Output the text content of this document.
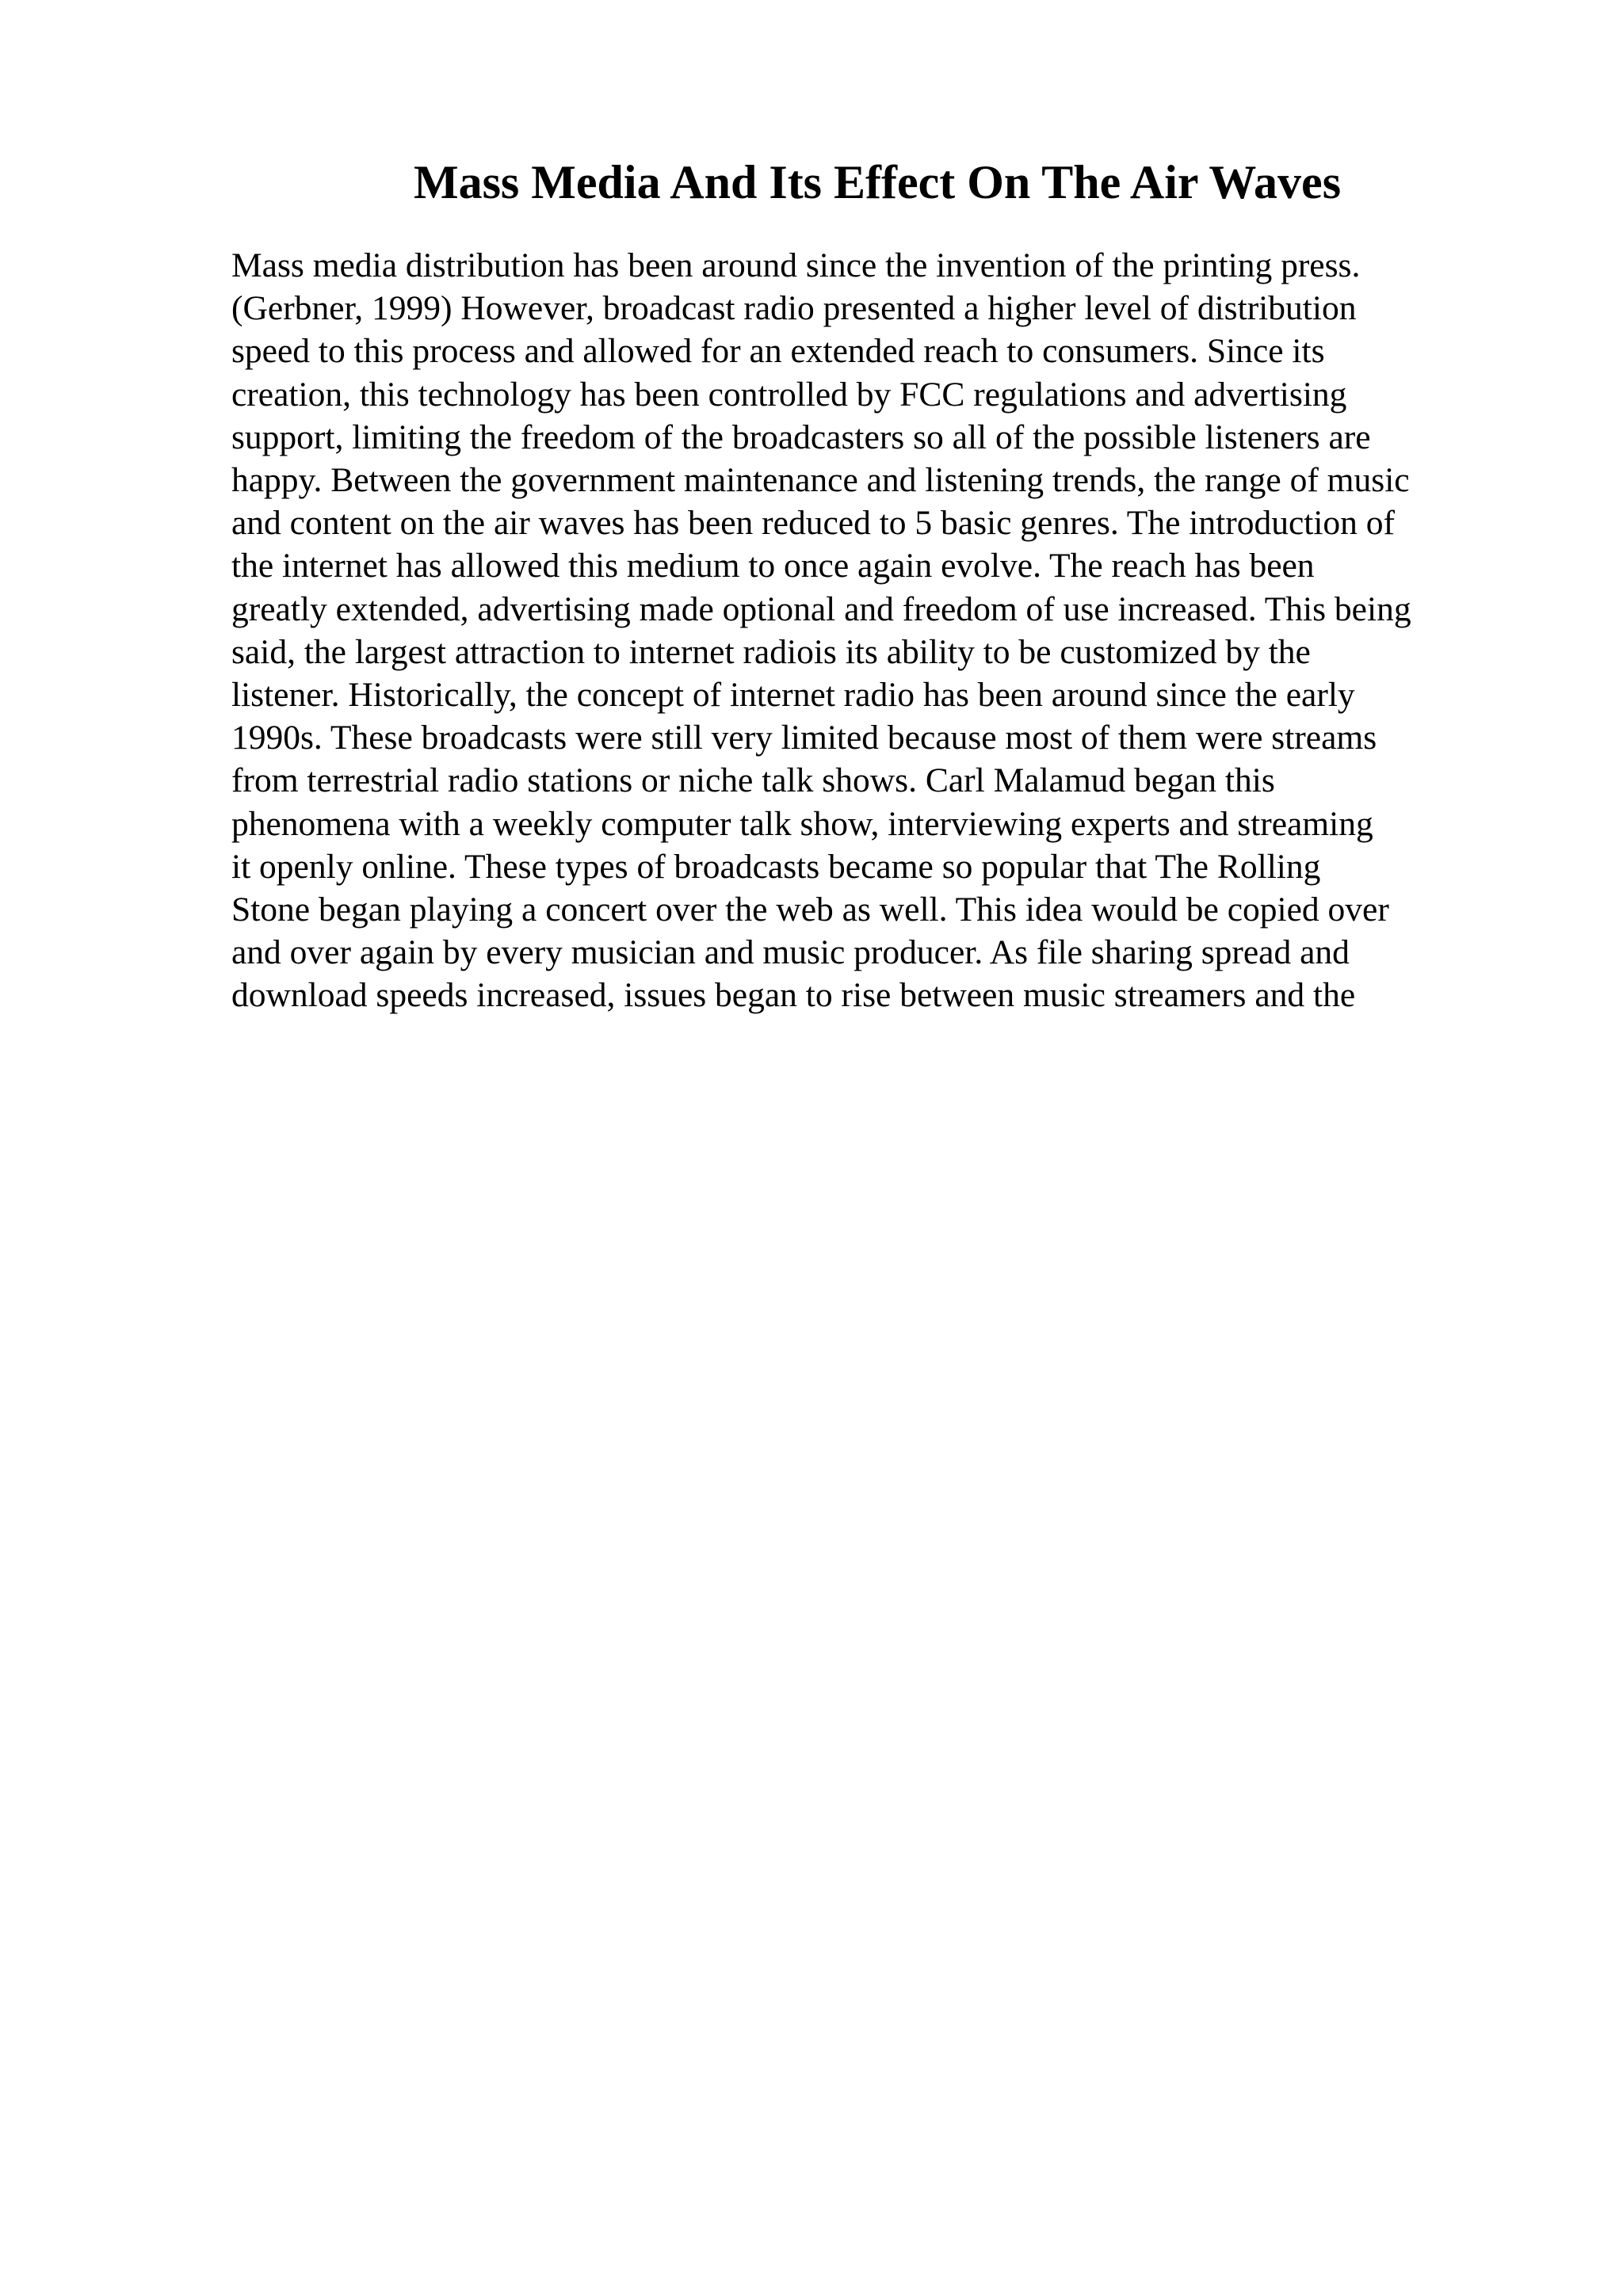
Mass Media And Its Effect On The Air Waves
Mass media distribution has been around since the invention of the printing press.
(Gerbner, 1999) However, broadcast radio presented a higher level of distribution
speed to this process and allowed for an extended reach to consumers. Since its
creation, this technology has been controlled by FCC regulations and advertising
support, limiting the freedom of the broadcasters so all of the possible listeners are
happy. Between the government maintenance and listening trends, the range of music
and content on the air waves has been reduced to 5 basic genres. The introduction of
the internet has allowed this medium to once again evolve. The reach has been
greatly extended, advertising made optional and freedom of use increased. This being
said, the largest attraction to internet radiois its ability to be customized by the
listener. Historically, the concept of internet radio has been around since the early
1990s. These broadcasts were still very limited because most of them were streams
from terrestrial radio stations or niche talk shows. Carl Malamud began this
phenomena with a weekly computer talk show, interviewing experts and streaming
it openly online. These types of broadcasts became so popular that The Rolling
Stone began playing a concert over the web as well. This idea would be copied over
and over again by every musician and music producer. As file sharing spread and
download speeds increased, issues began to rise between music streamers and the
